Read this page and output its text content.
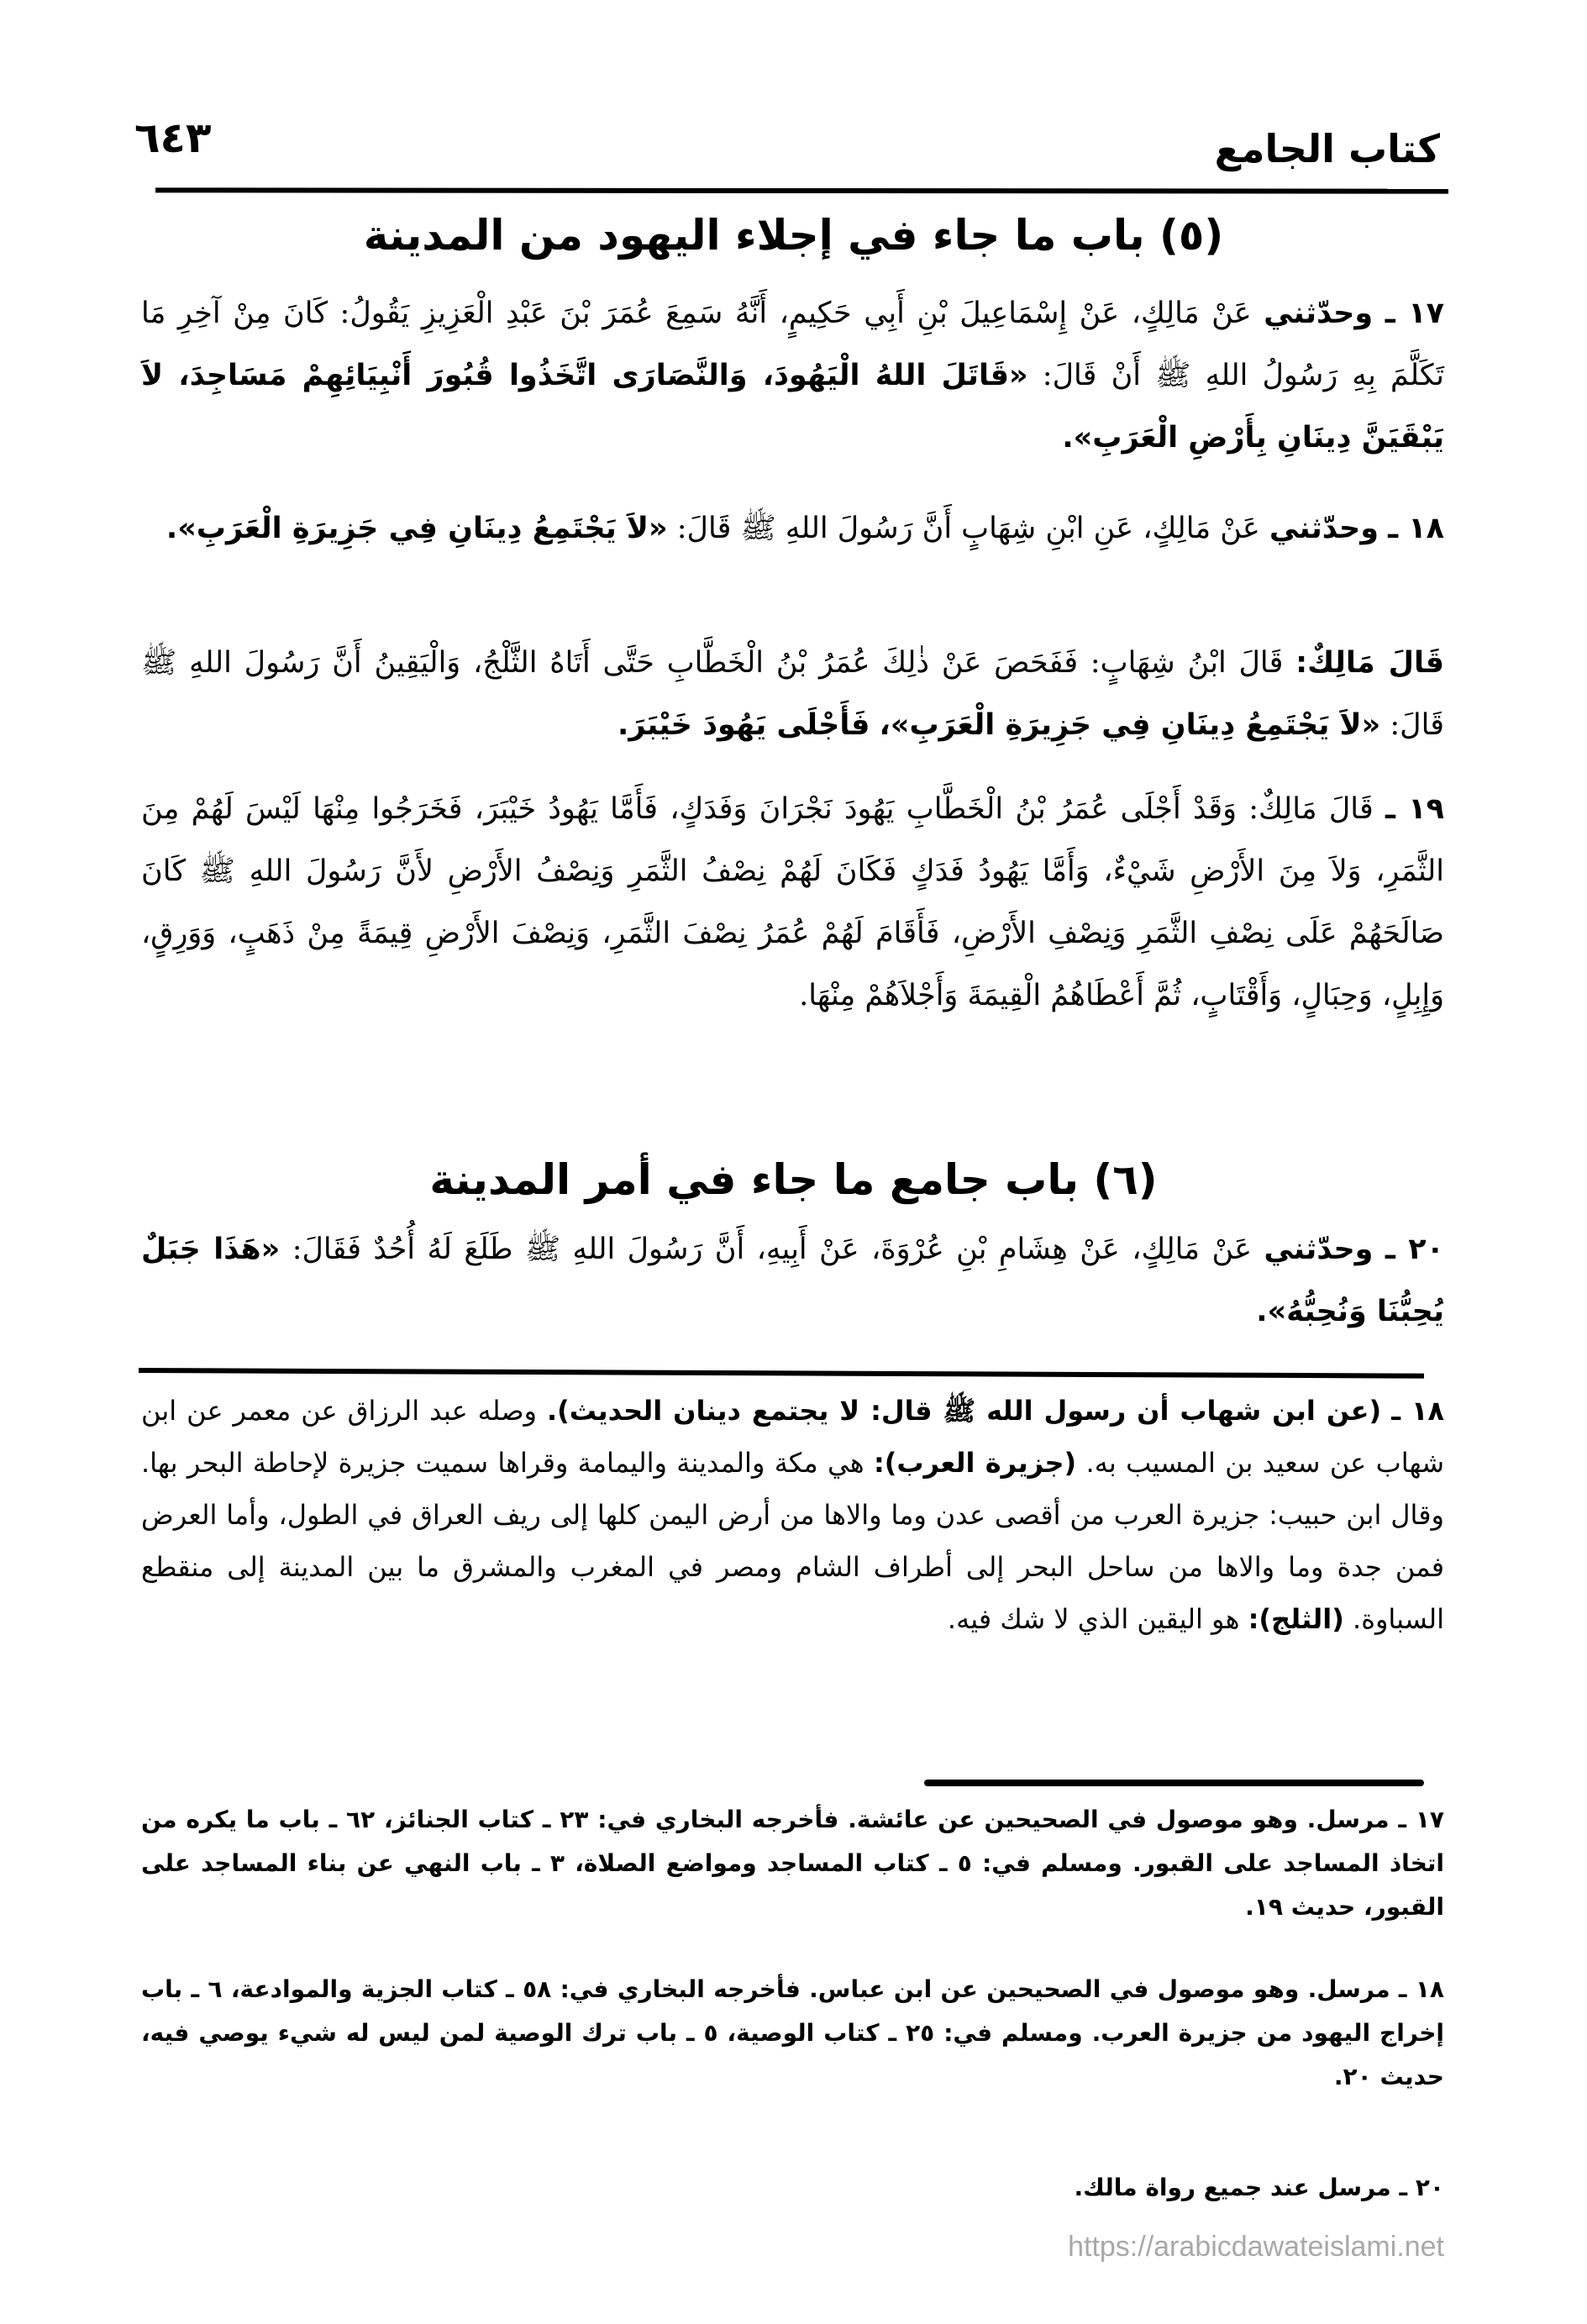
٦٤٣	كتاب الجامع
(٥) باب ما جاء في إجلاء اليهود من المدينة
١٧ ـ وحدّثني عَنْ مَالِكٍ، عَنْ إِسْمَاعِيلَ بْنِ أَبِي حَكِيمٍ، أَنَّهُ سَمِعَ عُمَرَ بْنَ عَبْدِ الْعَزِيزِ يَقُولُ: كَانَ مِنْ آخِرِ مَا تَكَلَّمَ بِهِ رَسُولُ اللهِ ﷺ أَنْ قَالَ: «قَاتَلَ اللهُ الْيَهُودَ، وَالنَّصَارَى اتَّخَذُوا قُبُورَ أَنْبِيَائِهِمْ مَسَاجِدَ، لاَ يَبْقَيَنَّ دِينَانِ بِأَرْضِ الْعَرَبِ».
١٨ ـ وحدّثني عَنْ مَالِكٍ، عَنِ ابْنِ شِهَابٍ أَنَّ رَسُولَ اللهِ ﷺ قَالَ: «لاَ يَجْتَمِعُ دِينَانِ فِي جَزِيرَةِ الْعَرَبِ».
قَالَ مَالِكٌ: قَالَ ابْنُ شِهَابٍ: فَفَحَصَ عَنْ ذٰلِكَ عُمَرُ بْنُ الْخَطَّابِ حَتَّى أَتَاهُ الثَّلْجُ، وَالْيَقِينُ أَنَّ رَسُولَ اللهِ ﷺ قَالَ: «لاَ يَجْتَمِعُ دِينَانِ فِي جَزِيرَةِ الْعَرَبِ»، فَأَجْلَى يَهُودَ خَيْبَرَ.
١٩ ـ قَالَ مَالِكٌ: وَقَدْ أَجْلَى عُمَرُ بْنُ الْخَطَّابِ يَهُودَ نَجْرَانَ وَفَدَكٍ، فَأَمَّا يَهُودُ خَيْبَرَ، فَخَرَجُوا مِنْهَا لَيْسَ لَهُمْ مِنَ الثَّمَرِ، وَلاَ مِنَ الأَرْضِ شَيْءٌ، وَأَمَّا يَهُودُ فَدَكٍ فَكَانَ لَهُمْ نِصْفُ الثَّمَرِ وَنِصْفُ الأَرْضِ لأَنَّ رَسُولَ اللهِ ﷺ كَانَ صَالَحَهُمْ عَلَى نِصْفِ الثَّمَرِ وَنِصْفِ الأَرْضِ، فَأَقَامَ لَهُمْ عُمَرُ نِصْفَ الثَّمَرِ، وَنِصْفَ الأَرْضِ قِيمَةً مِنْ ذَهَبٍ، وَوَرِقٍ، وَإِبِلٍ، وَحِبَالٍ، وَأَقْتَابٍ، ثُمَّ أَعْطَاهُمُ الْقِيمَةَ وَأَجْلاَهُمْ مِنْهَا.
(٦) باب جامع ما جاء في أمر المدينة
٢٠ ـ وحدّثني عَنْ مَالِكٍ، عَنْ هِشَامِ بْنِ عُرْوَةَ، عَنْ أَبِيهِ، أَنَّ رَسُولَ اللهِ ﷺ طَلَعَ لَهُ أُحُدٌ فَقَالَ: «هَذَا جَبَلٌ يُحِبُّنَا وَنُحِبُّهُ».
١٨ ـ (عن ابن شهاب أن رسول الله ﷺ قال: لا يجتمع دينان الحديث). وصله عبد الرزاق عن معمر عن ابن شهاب عن سعيد بن المسيب به. (جزيرة العرب): هي مكة والمدينة واليمامة وقراها سميت جزيرة لإحاطة البحر بها. وقال ابن حبيب: جزيرة العرب من أقصى عدن وما والاها من أرض اليمن كلها إلى ريف العراق في الطول، وأما العرض فمن جدة وما والاها من ساحل البحر إلى أطراف الشام ومصر في المغرب والمشرق ما بين المدينة إلى منقطع السباوة. (الثلج): هو اليقين الذي لا شك فيه.
١٧ ـ مرسل. وهو موصول في الصحيحين عن عائشة. فأخرجه البخاري في: ٢٣ ـ كتاب الجنائز، ٦٢ ـ باب ما يكره من اتخاذ المساجد على القبور. ومسلم في: ٥ ـ كتاب المساجد ومواضع الصلاة، ٣ ـ باب النهي عن بناء المساجد على القبور، حديث ١٩.
١٨ ـ مرسل. وهو موصول في الصحيحين عن ابن عباس. فأخرجه البخاري في: ٥٨ ـ كتاب الجزية والموادعة، ٦ ـ باب إخراج اليهود من جزيرة العرب. ومسلم في: ٢٥ ـ كتاب الوصية، ٥ ـ باب ترك الوصية لمن ليس له شيء يوصي فيه، حديث ٢٠.
٢٠ ـ مرسل عند جميع رواة مالك.
https://arabicdawateislami.net
